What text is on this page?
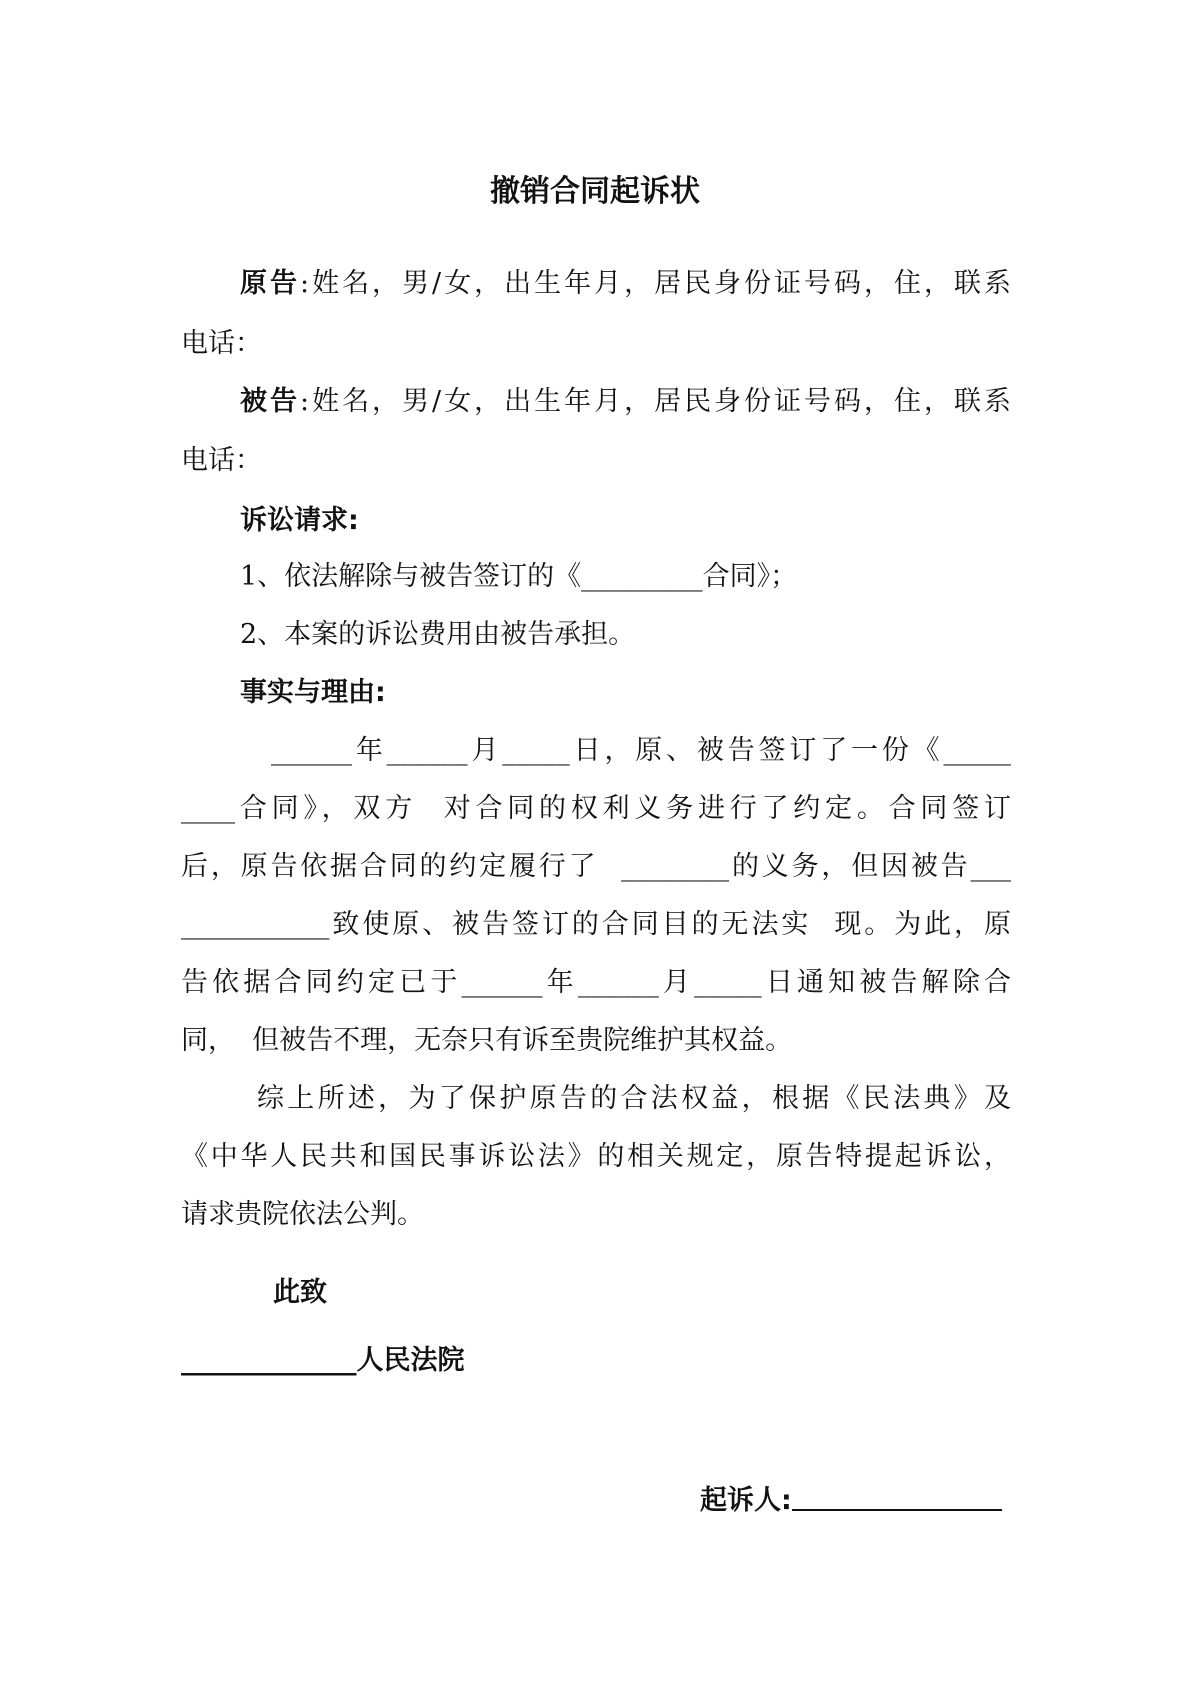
撤销合同起诉状
原告:姓名，男/女，出生年月，居民身份证号码，住，联系
电话：
被告:姓名，男/女，出生年月，居民身份证号码，住，联系
电话：
诉讼请求:
1、依法解除与被告签订的《_________合同》；
2、本案的诉讼费用由被告承担。
事实与理由:
______年______月_____日，原、被告签订了一份《_____
____合同》，双方  对合同的权利义务进行了约定。合同签订
后，原告依据合同的约定履行了  ________的义务，但因被告___
___________致使原、被告签订的合同目的无法实  现。为此，原
告依据合同约定已于______年______月_____日通知被告解除合
同，  但被告不理，无奈只有诉至贵院维护其权益。
综上所述，为了保护原告的合法权益，根据《民法典》及
《中华人民共和国民事诉讼法》的相关规定，原告特提起诉讼，
请求贵院依法公判。
此致
_____________人民法院
起诉人:
